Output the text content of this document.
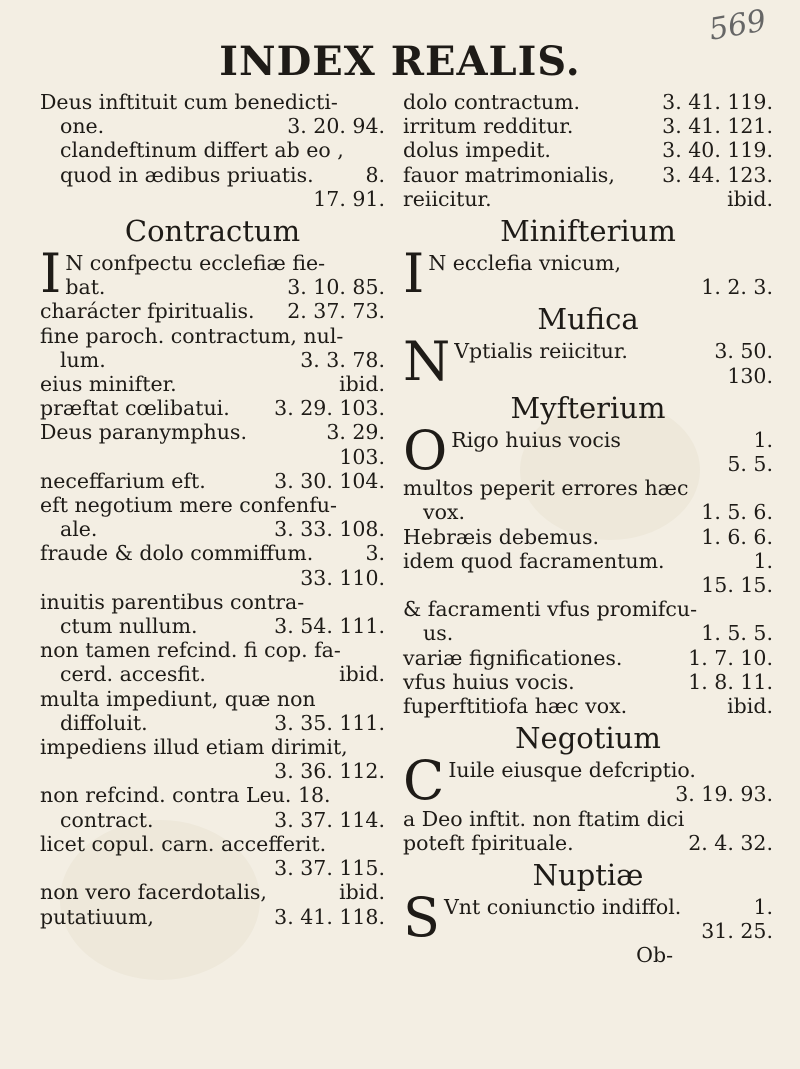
INDEX REALIS.
569
Deus inftituit cum benedicti-
one.	3. 20. 94.
clandeftinum differt ab eo ,
quod in ædibus priuatis.	8.
17. 91.
Contractum
I N confpectu ecclefiæ fie-
bat.	3. 10. 85.
charácter fpiritualis. 2. 37. 73.
fine paroch. contractum, nul-
lum.	3. 3. 78.
eius minifter.	ibid.
præftat cœlibatui. 3. 29. 103.
Deus paranymphus.	3. 29.
103.
neceffarium eft.	3. 30. 104.
eft negotium mere confenfu-
ale.	3. 33. 108.
fraude & dolo commiffum.	3.
33. 110.
inuitis parentibus contra-
ctum nullum.	3. 54. 111.
non tamen refcind. fi cop. fa-
cerd. accesfit.	ibid.
multa impediunt, quæ non
diffoluit.	3. 35. 111.
impediens illud etiam dirimit,
3. 36. 112.
non refcind. contra Leu. 18.
contract.	3. 37. 114.
licet copul. carn. accefferit.
3. 37. 115.
non vero facerdotalis,	ibid.
putatiuum,	3. 41. 118.
dolo contractum.	3. 41. 119.
irritum redditur.	3. 41. 121.
dolus impedit.	3. 40. 119.
fauor matrimonialis, 3. 44. 123.
reiicitur.	ibid.
Minifterium
I N ecclefia vnicum,
1. 2. 3.
Mufica
N Vptialis reiicitur.	3. 50.
130.
Myfterium
O Rigo huius vocis	1.
5. 5.
multos peperit errores hæc
vox.	1. 5. 6.
Hebræis debemus.	1. 6. 6.
idem quod facramentum.	1.
15. 15.
& facramenti vfus promifcu-
us.	1. 5. 5.
variæ fignificationes.	1. 7. 10.
vfus huius vocis.	1. 8. 11.
fuperftitiofa hæc vox.	ibid.
Negotium
C Iuile eiusque defcriptio.
3. 19. 93.
a Deo inftit. non ftatim dici
poteft fpirituale.	2. 4. 32.
Nuptiæ
S Vnt coniunctio indiffol.	1.
31. 25.
Ob-
